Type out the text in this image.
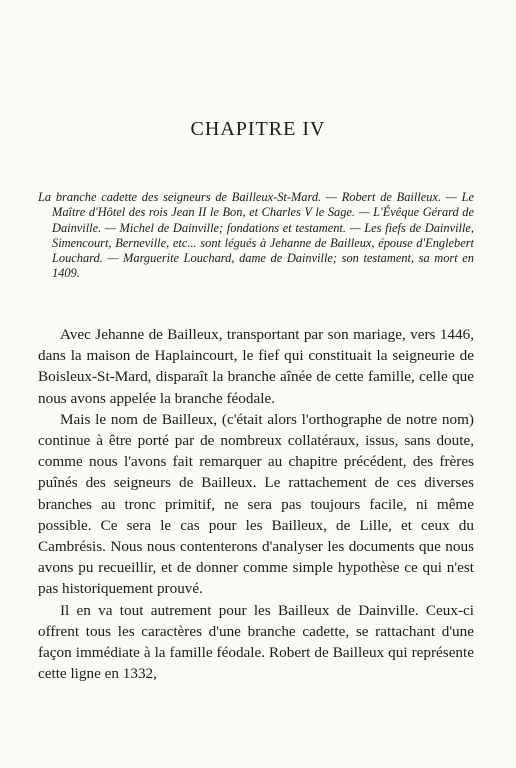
CHAPITRE IV
La branche cadette des seigneurs de Bailleux-St-Mard. — Robert de Bailleux. — Le Maître d'Hôtel des rois Jean II le Bon, et Charles V le Sage. — L'Évêque Gérard de Dainville. — Michel de Dainville; fondations et testament. — Les fiefs de Dainville, Simencourt, Berneville, etc... sont légués à Jehanne de Bailleux, épouse d'Englebert Louchard. — Marguerite Louchard, dame de Dainville; son testament, sa mort en 1409.

Avec Jehanne de Bailleux, transportant par son mariage, vers 1446, dans la maison de Haplaincourt, le fief qui constituait la seigneurie de Boisleux-St-Mard, disparaît la branche aînée de cette famille, celle que nous avons appelée la branche féodale.

Mais le nom de Bailleux, (c'était alors l'orthographe de notre nom) continue à être porté par de nombreux collatéraux, issus, sans doute, comme nous l'avons fait remarquer au chapitre précédent, des frères puînés des seigneurs de Bailleux. Le rattachement de ces diverses branches au tronc primitif, ne sera pas toujours facile, ni même possible. Ce sera le cas pour les Bailleux, de Lille, et ceux du Cambrésis. Nous nous contenterons d'analyser les documents que nous avons pu recueillir, et de donner comme simple hypothèse ce qui n'est pas historiquement prouvé.

Il en va tout autrement pour les Bailleux de Dainville. Ceux-ci offrent tous les caractères d'une branche cadette, se rattachant d'une façon immédiate à la famille féodale. Robert de Bailleux qui représente cette ligne en 1332,
